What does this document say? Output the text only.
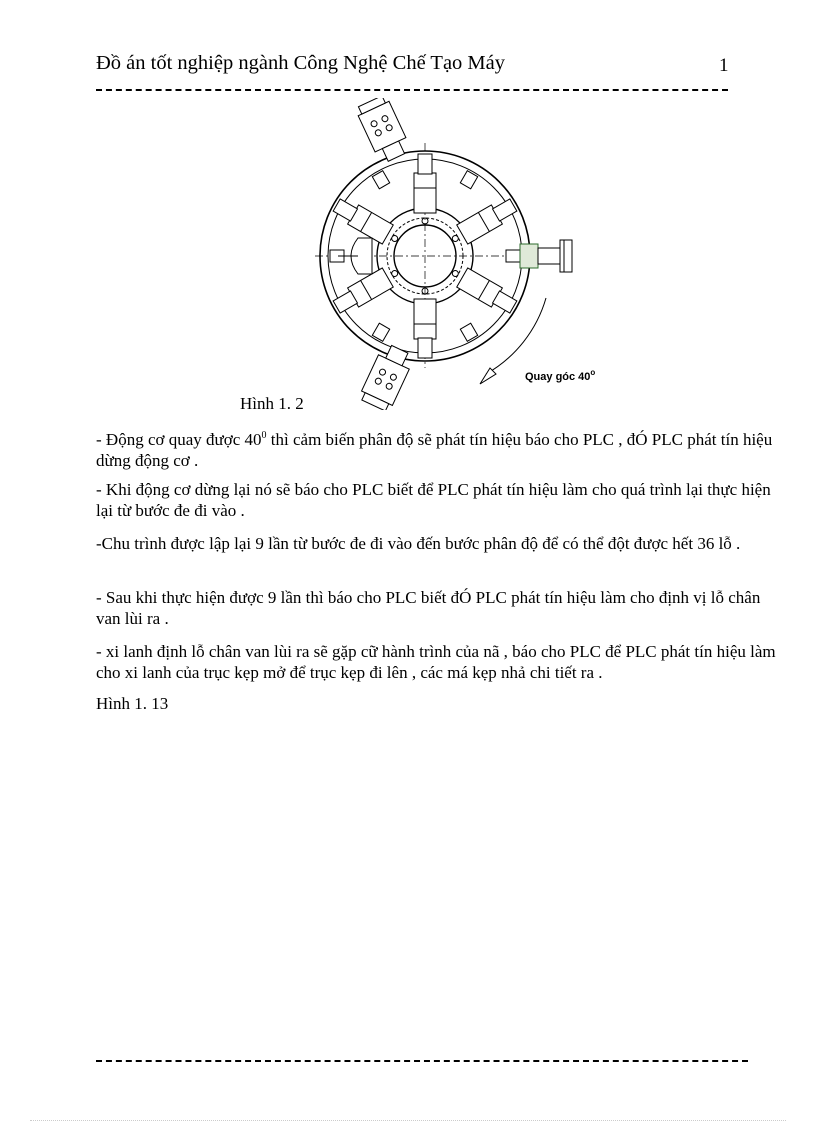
Đồ án tốt nghiệp ngành Công Nghệ Chế Tạo Máy	1
Quay góc 40$^o$
Hình 1. 2
- Động cơ quay được $40^0$ thì cảm biến phân độ sẽ phát tín hiệu báo cho PLC , đÓ PLC phát tín hiệu dừng động cơ .
- Khi động cơ dừng lại nó sẽ báo cho PLC biết để PLC phát tín hiệu làm cho quá trình lại thực hiện lại từ bước đe đi vào .
-Chu trình được lập lại 9 lần từ bước đe đi vào đến bước phân độ để có thể đột được hết 36 lỗ .
- Sau khi thực hiện được 9 lần thì báo cho PLC biết đÓ PLC phát tín hiệu làm cho định vị lỗ chân van lùi ra .
- xi lanh định lỗ chân van lùi ra sẽ gặp cữ hành trình của nã , báo cho PLC để PLC phát tín hiệu làm cho xi lanh của trục kẹp mở để trục kẹp đi lên , các má kẹp nhả chi tiết ra .
Hình 1. 13
